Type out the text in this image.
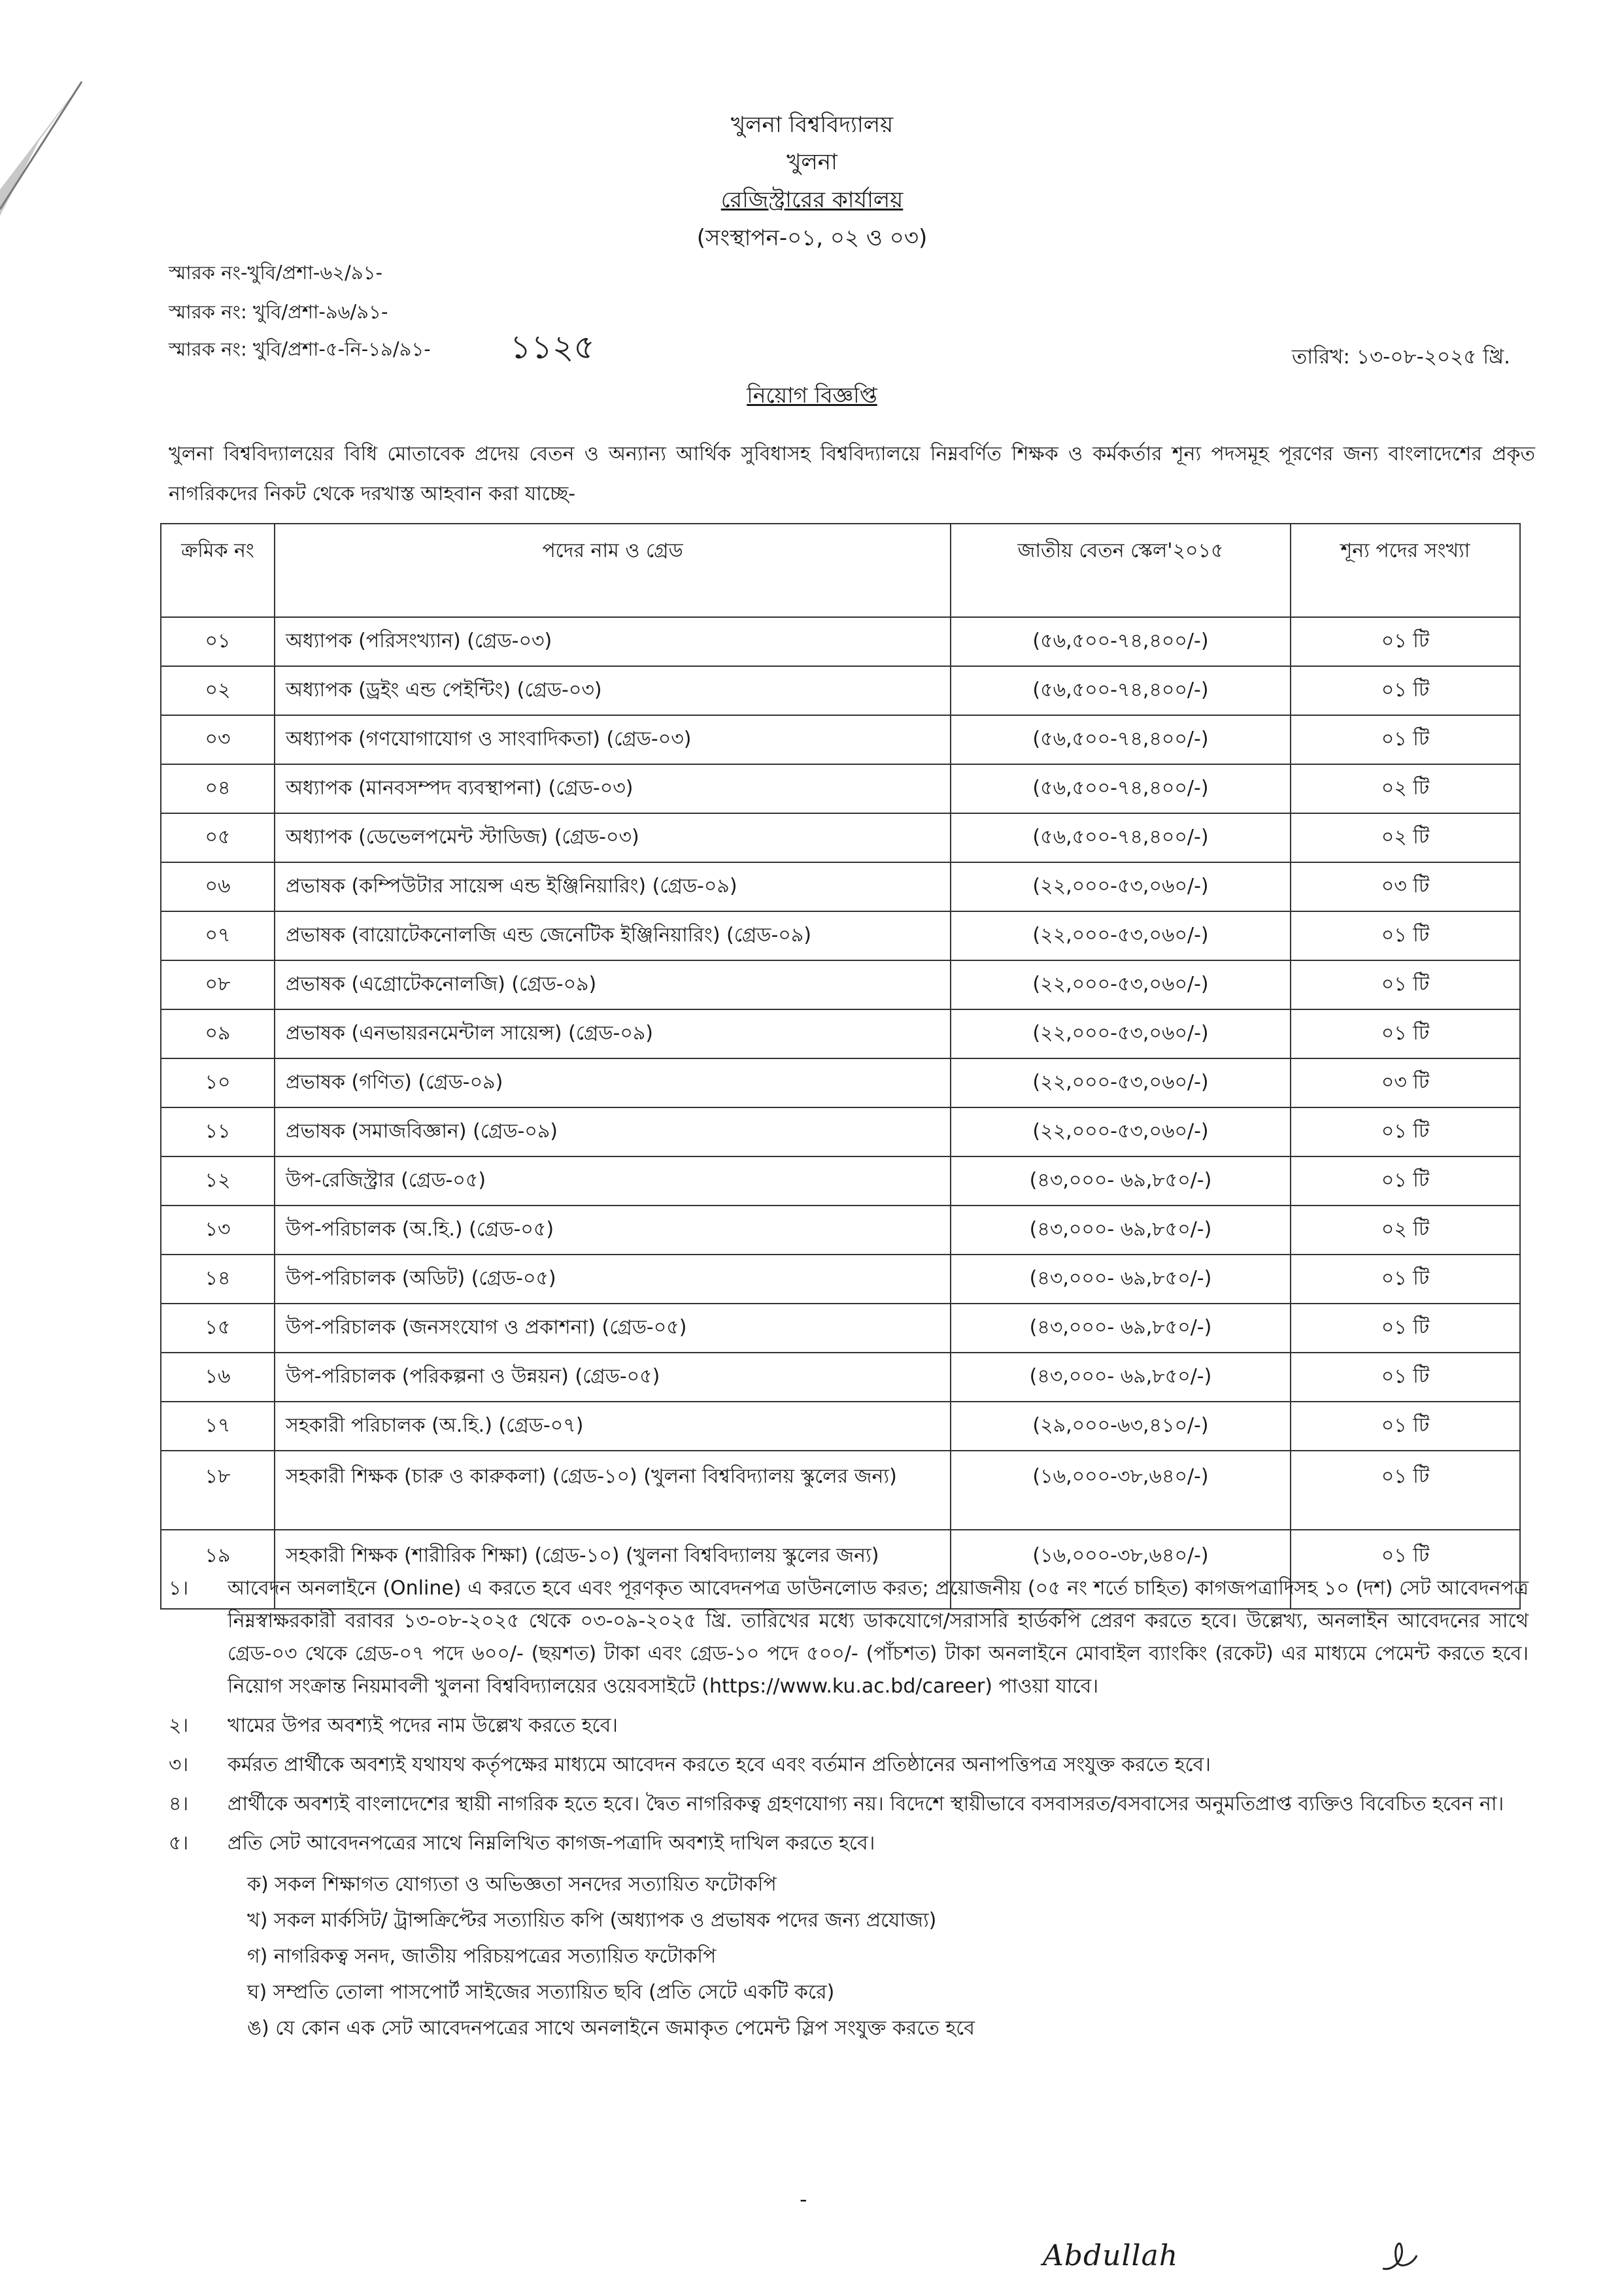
খুলনা বিশ্ববিদ্যালয়
খুলনা
রেজিস্ট্রারের কার্যালয়
(সংস্থাপন-০১, ০২ ও ০৩)
স্মারক নং-খুবি/প্রশা-৬২/৯১-
স্মারক নং: খুবি/প্রশা-৯৬/৯১-
স্মারক নং: খুবি/প্রশা-৫-নি-১৯/৯১- ১১২৫	তারিখ: ১৩-০৮-২০২৫ খ্রি.
নিয়োগ বিজ্ঞপ্তি
খুলনা বিশ্ববিদ্যালয়ের বিধি মোতাবেক প্রদেয় বেতন ও অন্যান্য আর্থিক সুবিধাসহ বিশ্ববিদ্যালয়ে নিম্নবর্ণিত শিক্ষক ও কর্মকর্তার শূন্য পদসমূহ পূরণের জন্য বাংলাদেশের প্রকৃত নাগরিকদের নিকট থেকে দরখাস্ত আহবান করা যাচ্ছে-
ক্রমিক নং	পদের নাম ও গ্রেড	জাতীয় বেতন স্কেল'২০১৫	শূন্য পদের সংখ্যা
০১	অধ্যাপক (পরিসংখ্যান) (গ্রেড-০৩)	(৫৬,৫০০-৭৪,৪০০/-)	০১ টি
০২	অধ্যাপক (ড্রইং এন্ড পেইন্টিং) (গ্রেড-০৩)	(৫৬,৫০০-৭৪,৪০০/-)	০১ টি
০৩	অধ্যাপক (গণযোগাযোগ ও সাংবাদিকতা) (গ্রেড-০৩)	(৫৬,৫০০-৭৪,৪০০/-)	০১ টি
০৪	অধ্যাপক (মানবসম্পদ ব্যবস্থাপনা) (গ্রেড-০৩)	(৫৬,৫০০-৭৪,৪০০/-)	০২ টি
০৫	অধ্যাপক (ডেভেলপমেন্ট স্টাডিজ) (গ্রেড-০৩)	(৫৬,৫০০-৭৪,৪০০/-)	০২ টি
০৬	প্রভাষক (কম্পিউটার সায়েন্স এন্ড ইঞ্জিনিয়ারিং) (গ্রেড-০৯)	(২২,০০০-৫৩,০৬০/-)	০৩ টি
০৭	প্রভাষক (বায়োটেকনোলজি এন্ড জেনেটিক ইঞ্জিনিয়ারিং) (গ্রেড-০৯)	(২২,০০০-৫৩,০৬০/-)	০১ টি
০৮	প্রভাষক (এগ্রোটেকনোলজি) (গ্রেড-০৯)	(২২,০০০-৫৩,০৬০/-)	০১ টি
০৯	প্রভাষক (এনভায়রনমেন্টাল সায়েন্স) (গ্রেড-০৯)	(২২,০০০-৫৩,০৬০/-)	০১ টি
১০	প্রভাষক (গণিত) (গ্রেড-০৯)	(২২,০০০-৫৩,০৬০/-)	০৩ টি
১১	প্রভাষক (সমাজবিজ্ঞান) (গ্রেড-০৯)	(২২,০০০-৫৩,০৬০/-)	০১ টি
১২	উপ-রেজিস্ট্রার (গ্রেড-০৫)	(৪৩,০০০- ৬৯,৮৫০/-)	০১ টি
১৩	উপ-পরিচালক (অ.হি.) (গ্রেড-০৫)	(৪৩,০০০- ৬৯,৮৫০/-)	০২ টি
১৪	উপ-পরিচালক (অডিট) (গ্রেড-০৫)	(৪৩,০০০- ৬৯,৮৫০/-)	০১ টি
১৫	উপ-পরিচালক (জনসংযোগ ও প্রকাশনা) (গ্রেড-০৫)	(৪৩,০০০- ৬৯,৮৫০/-)	০১ টি
১৬	উপ-পরিচালক (পরিকল্পনা ও উন্নয়ন) (গ্রেড-০৫)	(৪৩,০০০- ৬৯,৮৫০/-)	০১ টি
১৭	সহকারী পরিচালক (অ.হি.) (গ্রেড-০৭)	(২৯,০০০-৬৩,৪১০/-)	০১ টি
১৮	সহকারী শিক্ষক (চারু ও কারুকলা) (গ্রেড-১০) (খুলনা বিশ্ববিদ্যালয় স্কুলের জন্য)	(১৬,০০০-৩৮,৬৪০/-)	০১ টি
১৯	সহকারী শিক্ষক (শারীরিক শিক্ষা) (গ্রেড-১০) (খুলনা বিশ্ববিদ্যালয় স্কুলের জন্য)	(১৬,০০০-৩৮,৬৪০/-)	০১ টি
১।	আবেদন অনলাইনে (Online) এ করতে হবে এবং পূরণকৃত আবেদনপত্র ডাউনলোড করত; প্রয়োজনীয় (০৫ নং শর্তে চাহিত) কাগজপত্রাদিসহ ১০ (দশ) সেট আবেদনপত্র নিম্নস্বাক্ষরকারী বরাবর ১৩-০৮-২০২৫ থেকে ০৩-০৯-২০২৫ খ্রি. তারিখের মধ্যে ডাকযোগে/সরাসরি হার্ডকপি প্রেরণ করতে হবে। উল্লেখ্য, অনলাইন আবেদনের সাথে গ্রেড-০৩ থেকে গ্রেড-০৭ পদে ৬০০/- (ছয়শত) টাকা এবং গ্রেড-১০ পদে ৫০০/- (পাঁচশত) টাকা অনলাইনে মোবাইল ব্যাংকিং (রকেট) এর মাধ্যমে পেমেন্ট করতে হবে। নিয়োগ সংক্রান্ত নিয়মাবলী খুলনা বিশ্ববিদ্যালয়ের ওয়েবসাইটে (https://www.ku.ac.bd/career) পাওয়া যাবে।
২।	খামের উপর অবশ্যই পদের নাম উল্লেখ করতে হবে।
৩।	কর্মরত প্রার্থীকে অবশ্যই যথাযথ কর্তৃপক্ষের মাধ্যমে আবেদন করতে হবে এবং বর্তমান প্রতিষ্ঠানের অনাপত্তিপত্র সংযুক্ত করতে হবে।
৪।	প্রার্থীকে অবশ্যই বাংলাদেশের স্থায়ী নাগরিক হতে হবে। দ্বৈত নাগরিকত্ব গ্রহণযোগ্য নয়। বিদেশে স্থায়ীভাবে বসবাসরত/বসবাসের অনুমতিপ্রাপ্ত ব্যক্তিও বিবেচিত হবেন না।
৫।	প্রতি সেট আবেদনপত্রের সাথে নিম্নলিখিত কাগজ-পত্রাদি অবশ্যই দাখিল করতে হবে।
ক) সকল শিক্ষাগত যোগ্যতা ও অভিজ্ঞতা সনদের সত্যায়িত ফটোকপি
খ) সকল মার্কসিট/ ট্রান্সক্রিপ্টের সত্যায়িত কপি (অধ্যাপক ও প্রভাষক পদের জন্য প্রযোজ্য)
গ) নাগরিকত্ব সনদ, জাতীয় পরিচয়পত্রের সত্যায়িত ফটোকপি
ঘ) সম্প্রতি তোলা পাসপোর্ট সাইজের সত্যায়িত ছবি (প্রতি সেটে একটি করে)
ঙ) যে কোন এক সেট আবেদনপত্রের সাথে অনলাইনে জমাকৃত পেমেন্ট স্লিপ সংযুক্ত করতে হবে
-
Abdullah
